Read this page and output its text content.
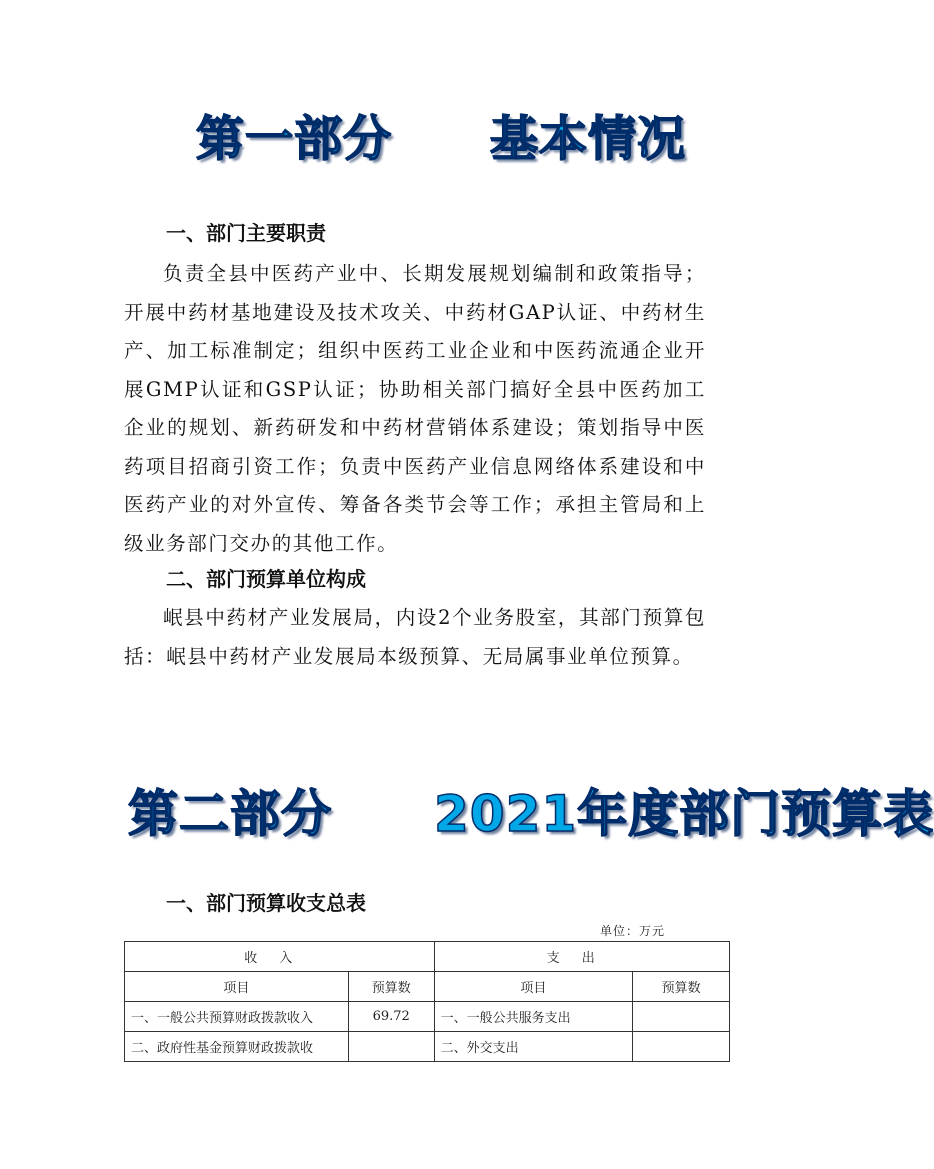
第一部分　　基本情况
一、部门主要职责

负责全县中医药产业中、长期发展规划编制和政策指导；开展中药材基地建设及技术攻关、中药材GAP认证、中药材生产、加工标准制定；组织中医药工业企业和中医药流通企业开展GMP认证和GSP认证；协助相关部门搞好全县中医药加工企业的规划、新药研发和中药材营销体系建设；策划指导中医药项目招商引资工作；负责中医药产业信息网络体系建设和中医药产业的对外宣传、筹备各类节会等工作；承担主管局和上级业务部门交办的其他工作。

二、部门预算单位构成

岷县中药材产业发展局，内设2个业务股室，其部门预算包括：岷县中药材产业发展局本级预算、无局属事业单位预算。

第二部分　　2021年度部门预算表
一、部门预算收支总表
单位：万元
收入		支出	
项目	预算数	项目	预算数
一、一般公共预算财政拨款收入	69.72	一、一般公共服务支出	
二、政府性基金预算财政拨款收		二、外交支出	
